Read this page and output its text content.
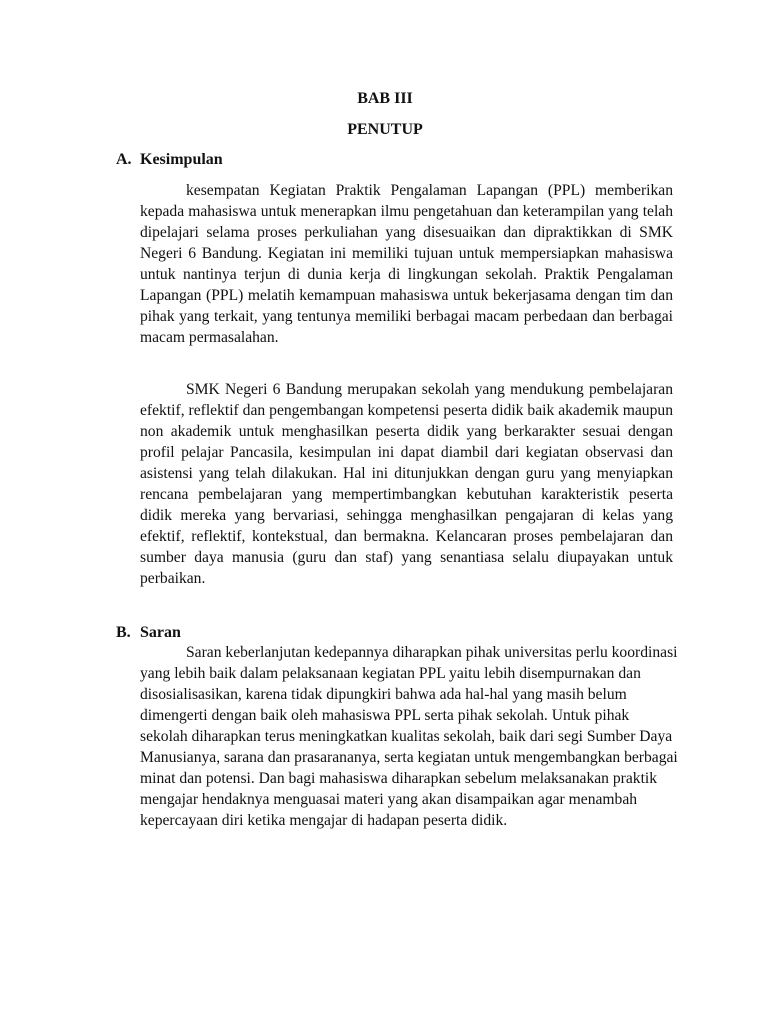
BAB III
PENUTUP
A. Kesimpulan

kesempatan Kegiatan Praktik Pengalaman Lapangan (PPL) memberikan kepada mahasiswa untuk menerapkan ilmu pengetahuan dan keterampilan yang telah dipelajari selama proses perkuliahan yang disesuaikan dan dipraktikkan di SMK Negeri 6 Bandung. Kegiatan ini memiliki tujuan untuk mempersiapkan mahasiswa untuk nantinya terjun di dunia kerja di lingkungan sekolah. Praktik Pengalaman Lapangan (PPL) melatih kemampuan mahasiswa untuk bekerjasama dengan tim dan pihak yang terkait, yang tentunya memiliki berbagai macam perbedaan dan berbagai macam permasalahan.

SMK Negeri 6 Bandung merupakan sekolah yang mendukung pembelajaran efektif, reflektif dan pengembangan kompetensi peserta didik baik akademik maupun non akademik untuk menghasilkan peserta didik yang berkarakter sesuai dengan profil pelajar Pancasila, kesimpulan ini dapat diambil dari kegiatan observasi dan asistensi yang telah dilakukan. Hal ini ditunjukkan dengan guru yang menyiapkan rencana pembelajaran yang mempertimbangkan kebutuhan karakteristik peserta didik mereka yang bervariasi, sehingga menghasilkan pengajaran di kelas yang efektif, reflektif, kontekstual, dan bermakna. Kelancaran proses pembelajaran dan sumber daya manusia (guru dan staf) yang senantiasa selalu diupayakan untuk perbaikan.

B. Saran

Saran keberlanjutan kedepannya diharapkan pihak universitas perlu koordinasi yang lebih baik dalam pelaksanaan kegiatan PPL yaitu lebih disempurnakan dan disosialisasikan, karena tidak dipungkiri bahwa ada hal-hal yang masih belum dimengerti dengan baik oleh mahasiswa PPL serta pihak sekolah. Untuk pihak sekolah diharapkan terus meningkatkan kualitas sekolah, baik dari segi Sumber Daya Manusianya, sarana dan prasarananya, serta kegiatan untuk mengembangkan berbagai minat dan potensi. Dan bagi mahasiswa diharapkan sebelum melaksanakan praktik mengajar hendaknya menguasai materi yang akan disampaikan agar menambah kepercayaan diri ketika mengajar di hadapan peserta didik.
